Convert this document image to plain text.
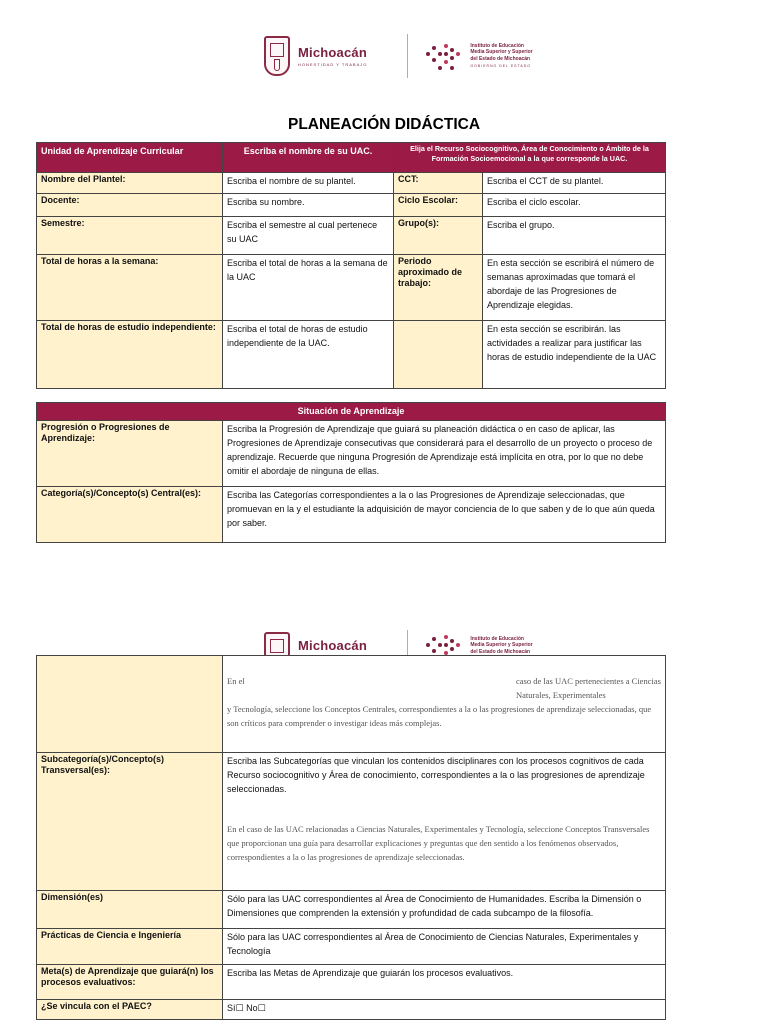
Michoacán
HONESTIDAD Y TRABAJO
Instituto de Educación
Media Superior y Superior
del Estado de Michoacán
GOBIERNO DEL ESTADO
PLANEACIÓN DIDÁCTICA
Unidad de Aprendizaje Curricular	Escriba el nombre de su UAC.	Elija el Recurso Sociocognitivo, Área de Conocimiento o Ámbito de la Formación Socioemocional a la que corresponde la UAC.	
Nombre del Plantel:	Escriba el nombre de su plantel.	CCT:	Escriba el CCT de su plantel.
Docente:	Escriba su nombre.	Ciclo Escolar:	Escriba el ciclo escolar.
Semestre:	Escriba el semestre al cual pertenece su UAC	Grupo(s):	Escriba el grupo.
Total de horas a la semana:	Escriba el total de horas a la semana de la UAC	Periodo aproximado de trabajo:	En esta sección se escribirá el número de semanas aproximadas que tomará el abordaje de las Progresiones de Aprendizaje elegidas.
Total de horas de estudio independiente:	Escriba el total de horas de estudio independiente de la UAC.		En esta sección se escribirán. las actividades a realizar para justificar las horas de estudio independiente de la UAC
Situación de Aprendizaje	
Progresión o Progresiones de Aprendizaje:	Escriba la Progresión de Aprendizaje que guiará su planeación didáctica o en caso de aplicar, las Progresiones de Aprendizaje consecutivas que considerará para el desarrollo de un proyecto o proceso de aprendizaje. Recuerde que ninguna Progresión de Aprendizaje está implícita en otra, por lo que no debe omitir el abordaje de ninguna de ellas.
Categoría(s)/Concepto(s) Central(es):	Escriba las Categorías correspondientes a la o las Progresiones de Aprendizaje seleccionadas, que promuevan en la y el estudiante la adquisición de mayor conciencia de lo que saben y de lo que aún queda por saber.
Michoacán	Instituto de Educación
Media Superior y Superior
del Estado de Michoacán

	En el caso de las UAC pertenecientes a Ciencias Naturales, Experimentales
y Tecnología, seleccione los Conceptos Centrales, correspondientes a la o las progresiones de aprendizaje seleccionadas, que son críticos para comprender o investigar ideas más complejas.

Subcategoría(s)/Concepto(s) Transversal(es):	Escriba las Subcategorías que vinculan los contenidos disciplinares con los procesos cognitivos de cada Recurso sociocognitivo y Área de conocimiento, correspondientes a la o las progresiones de aprendizaje seleccionadas.
En el caso de las UAC relacionadas a Ciencias Naturales, Experimentales y Tecnología, seleccione Conceptos Transversales que proporcionan una guía para desarrollar explicaciones y preguntas que den sentido a los fenómenos observados, correspondientes a la o las progresiones de aprendizaje seleccionadas.

Dimensión(es)	Sólo para las UAC correspondientes al Área de Conocimiento de Humanidades. Escriba la Dimensión o Dimensiones que comprenden la extensión y profundidad de cada subcampo de la filosofía.
Prácticas de Ciencia e Ingeniería	Sólo para las UAC correspondientes al Área de Conocimiento de Ciencias Naturales, Experimentales y Tecnología
Meta(s) de Aprendizaje que guiará(n) los procesos evaluativos:	Escriba las Metas de Aprendizaje que guiarán los procesos evaluativos.
¿Se vincula con el PAEC?	Sí☐ No☐
